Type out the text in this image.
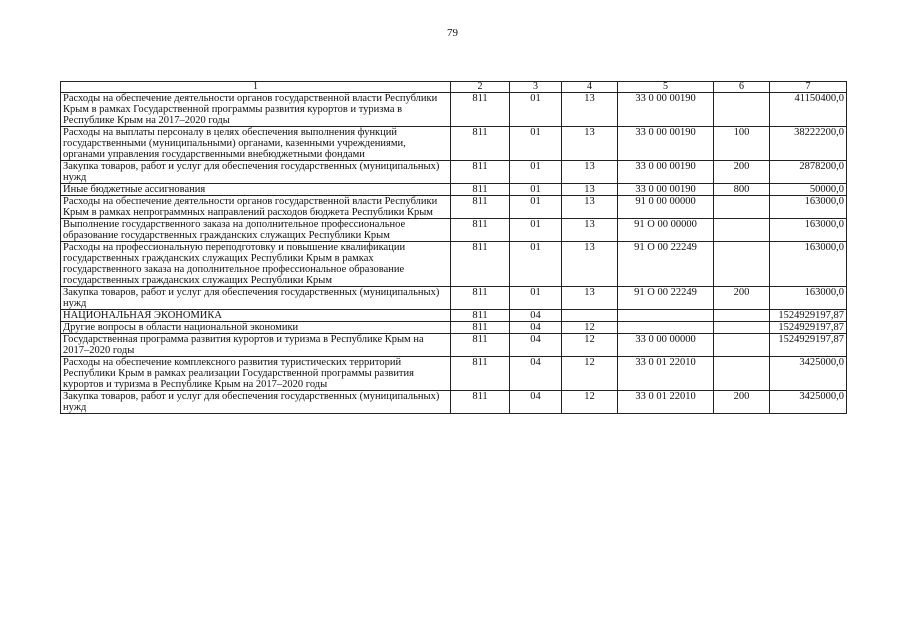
79
1	2	3	4	5	6	7
Расходы на обеспечение деятельности органов государственной власти Республики Крым в рамках Государственной программы развития курортов и туризма в Республике Крым на 2017–2020 годы	811	01	13	33 0 00 00190		41150400,0
Расходы на выплаты персоналу в целях обеспечения выполнения функций государственными (муниципальными) органами, казенными учреждениями, органами управления государственными внебюджетными фондами	811	01	13	33 0 00 00190	100	38222200,0
Закупка товаров, работ и услуг для обеспечения государственных (муниципальных) нужд	811	01	13	33 0 00 00190	200	2878200,0
Иные бюджетные ассигнования	811	01	13	33 0 00 00190	800	50000,0
Расходы на обеспечение деятельности органов государственной власти Республики Крым в рамках непрограммных направлений расходов бюджета Республики Крым	811	01	13	91 0 00 00000		163000,0
Выполнение государственного заказа на дополнительное профессиональное образование государственных гражданских служащих Республики Крым	811	01	13	91 О 00 00000		163000,0
Расходы на профессиональную переподготовку и повышение квалификации государственных гражданских служащих Республики Крым в рамках государственного заказа на дополнительное профессиональное образование государственных гражданских служащих Республики Крым	811	01	13	91 О 00 22249		163000,0
Закупка товаров, работ и услуг для обеспечения государственных (муниципальных) нужд	811	01	13	91 О 00 22249	200	163000,0
НАЦИОНАЛЬНАЯ ЭКОНОМИКА	811	04				1524929197,87
Другие вопросы в области национальной экономики	811	04	12			1524929197,87
Государственная программа развития курортов и туризма в Республике Крым на 2017–2020 годы	811	04	12	33 0 00 00000		1524929197,87
Расходы на обеспечение комплексного развития туристических территорий Республики Крым в рамках реализации Государственной программы развития курортов и туризма в Республике Крым на 2017–2020 годы	811	04	12	33 0 01 22010		3425000,0
Закупка товаров, работ и услуг для обеспечения государственных (муниципальных) нужд	811	04	12	33 0 01 22010	200	3425000,0
